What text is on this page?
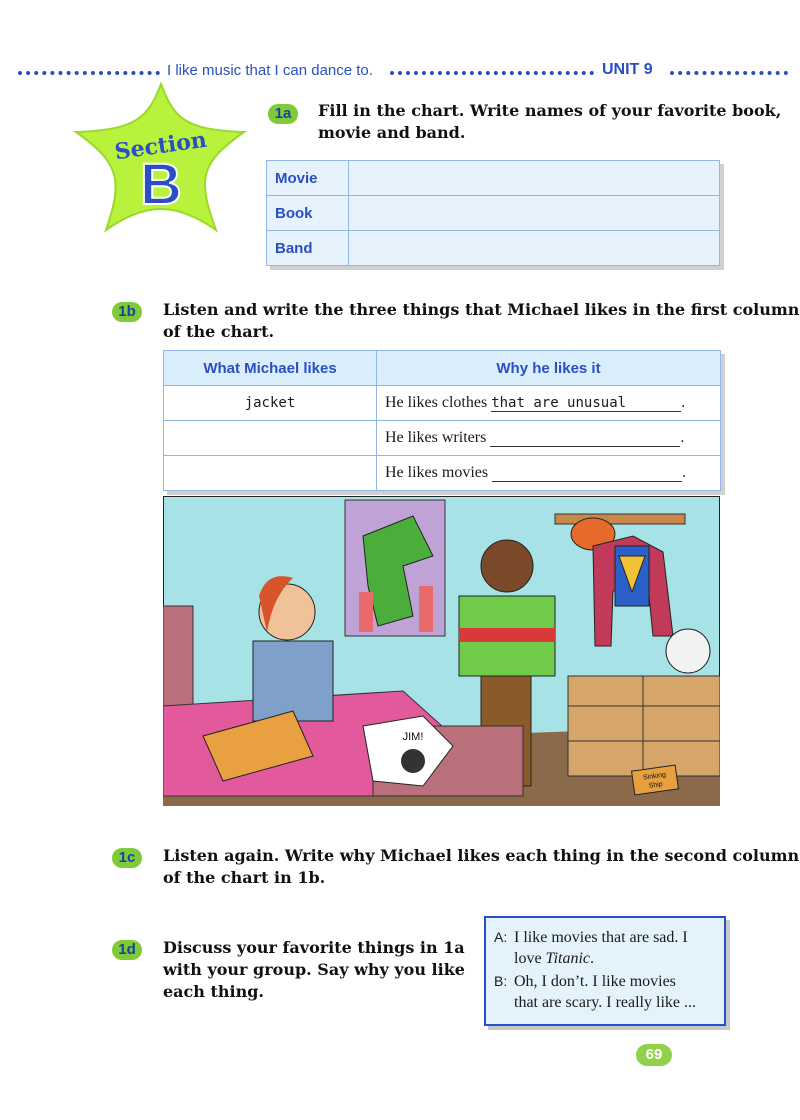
I like music that I can dance to.	UNIT 9
Section
B
1a	Fill in the chart. Write names of your favorite book,
movie and band.
Movie	
Book	
Band	
1b	Listen and write the three things that Michael likes in the first column
of the chart.
What Michael likes	Why he likes it
jacket	He likes clothes that are unusual .
	He likes writers .
	He likes movies .
JIM!
Sinking
Ship
1c	Listen again. Write why Michael likes each thing in the second column
of the chart in 1b.
1d	Discuss your favorite things in 1a
with your group. Say why you like
each thing.
A: I like movies that are sad. I
love Titanic.
B: Oh, I don’t. I like movies
that are scary. I really like ...
69
